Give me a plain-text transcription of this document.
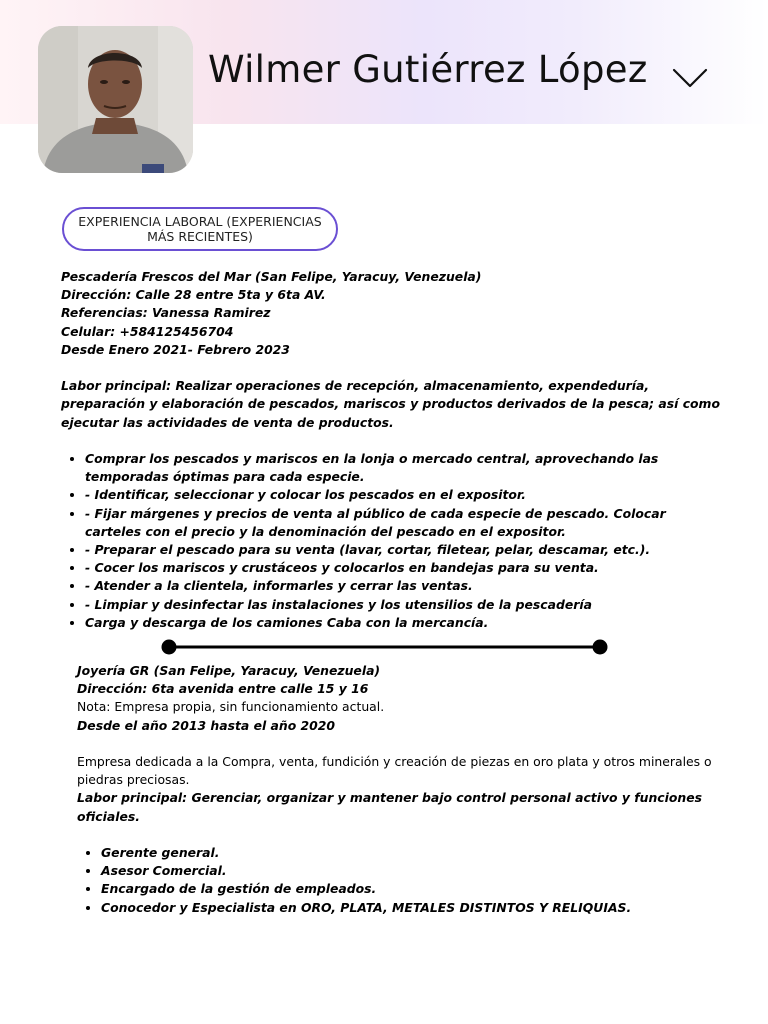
Wilmer Gutiérrez López
EXPERIENCIA LABORAL (EXPERIENCIAS MÁS RECIENTES)

Pescadería Frescos del Mar (San Felipe, Yaracuy, Venezuela)

Dirección: Calle 28 entre 5ta y 6ta AV.

Referencias: Vanessa Ramirez

Celular: +584125456704

Desde Enero 2021- Febrero 2023

Labor principal: Realizar operaciones de recepción, almacenamiento, expendeduría, preparación y elaboración de pescados, mariscos y productos derivados de la pesca; así como ejecutar las actividades de venta de productos.

• Comprar los pescados y mariscos en la lonja o mercado central, aprovechando las temporadas óptimas para cada especie.
• - Identificar, seleccionar y colocar los pescados en el expositor.
• - Fijar márgenes y precios de venta al público de cada especie de pescado. Colocar carteles con el precio y la denominación del pescado en el expositor.
• - Preparar el pescado para su venta (lavar, cortar, filetear, pelar, descamar, etc.).
• - Cocer los mariscos y crustáceos y colocarlos en bandejas para su venta.
• - Atender a la clientela, informarles y cerrar las ventas.
• - Limpiar y desinfectar las instalaciones y los utensilios de la pescadería
• Carga y descarga de los camiones Caba con la mercancía.

Joyería GR (San Felipe, Yaracuy, Venezuela)

Dirección: 6ta avenida entre calle 15 y 16

Nota: Empresa propia, sin funcionamiento actual.

Desde el año 2013 hasta el año 2020

Empresa dedicada a la Compra, venta, fundición y creación de piezas en oro plata y otros minerales o piedras preciosas.

Labor principal: Gerenciar, organizar y mantener bajo control personal activo y funciones oficiales.

• Gerente general.
• Asesor Comercial.
• Encargado de la gestión de empleados.
• Conocedor y Especialista en ORO, PLATA, METALES DISTINTOS Y RELIQUIAS.
